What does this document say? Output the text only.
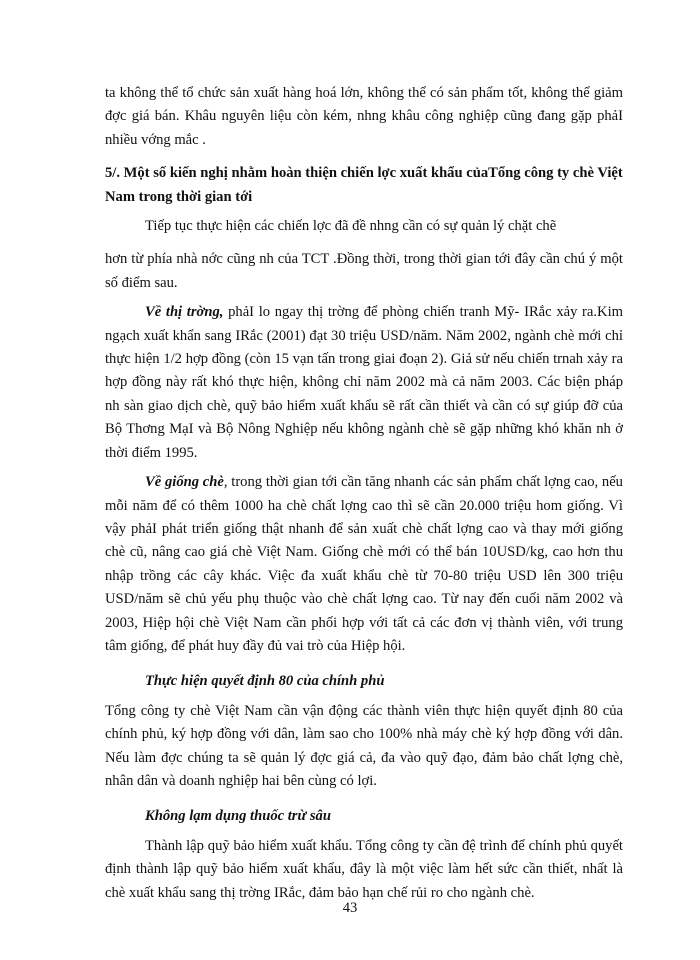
ta không thể tổ chức sản xuất hàng hoá lớn, không thể có sản phẩm tốt, không thể giảm đợc giá bán. Khâu nguyên liệu còn kém, nhng khâu công nghiệp cũng đang gặp phảI nhiều vớng mắc .

5/. Một số kiến nghị nhằm hoàn thiện chiến lợc xuất khẩu củaTổng công ty chè Việt Nam trong thời gian tới

Tiếp tục thực hiện các chiến lợc đã đề nhng cần có sự quản lý chặt chẽ

hơn từ phía nhà nớc cũng nh của TCT .Đồng thời, trong thời gian tới đây cần chú ý một số điểm sau.

Về thị trờng, phảI lo ngay thị trờng để phòng chiến tranh Mỹ- IRắc xảy ra.Kim ngạch xuất khẩn sang IRắc (2001) đạt 30 triệu USD/năm. Năm 2002, ngành chè mới chỉ thực hiện 1/2 hợp đồng (còn 15 vạn tấn trong giai đoạn 2). Giả sử nếu chiến trnah xảy ra hợp đồng này rất khó thực hiện, không chỉ năm 2002 mà cả năm 2003. Các biện pháp nh sàn giao dịch chè, quỹ bảo hiểm xuất khẩu sẽ rất cần thiết và cần có sự giúp đỡ của Bộ Thơng MạI và Bộ Nông Nghiệp nếu không ngành chè sẽ gặp những khó khăn nh ở thời điểm 1995.

Về giống chè, trong thời gian tới cần tăng nhanh các sản phẩm chất lợng cao, nếu mỗi năm để có thêm 1000 ha chè chất lợng cao thì sẽ cần 20.000 triệu hom giống. Vì vậy phảI phát triển giống thật nhanh để sản xuất chè chất lợng cao và thay mới giống chè cũ, nâng cao giá chè Việt Nam. Giống chè mới có thể bán 10USD/kg, cao hơn thu nhập trồng các cây khác. Việc đa xuất khẩu chè từ 70-80 triệu USD lên 300 triệu USD/năm sẽ chủ yếu phụ thuộc vào chè chất lợng cao. Từ nay đến cuối năm 2002 và 2003, Hiệp hội chè Việt Nam cần phối hợp với tất cả các đơn vị thành viên, với trung tâm giống, để phát huy đầy đủ vai trò của Hiệp hội.

Thực hiện quyết định 80 của chính phủ

Tổng công ty chè Việt Nam cần vận động các thành viên thực hiện quyết định 80 của chính phủ, ký hợp đồng với dân, làm sao cho 100% nhà máy chè ký hợp đồng với dân. Nếu làm đợc chúng ta sẽ quản lý đợc giá cả, đa vào quỹ đạo, đảm bảo chất lợng chè, nhân dân và doanh nghiệp hai bên cùng có lợi.

Không lạm dụng thuốc trừ sâu

Thành lập quỹ bảo hiểm xuất khẩu. Tổng công ty cần đệ trình để chính phủ quyết định thành lập quỹ bảo hiểm xuất khẩu, đây là một việc làm hết sức cần thiết, nhất là chè xuất khẩu sang thị trờng IRắc, đảm bảo hạn chế rủi ro cho ngành chè.

43
